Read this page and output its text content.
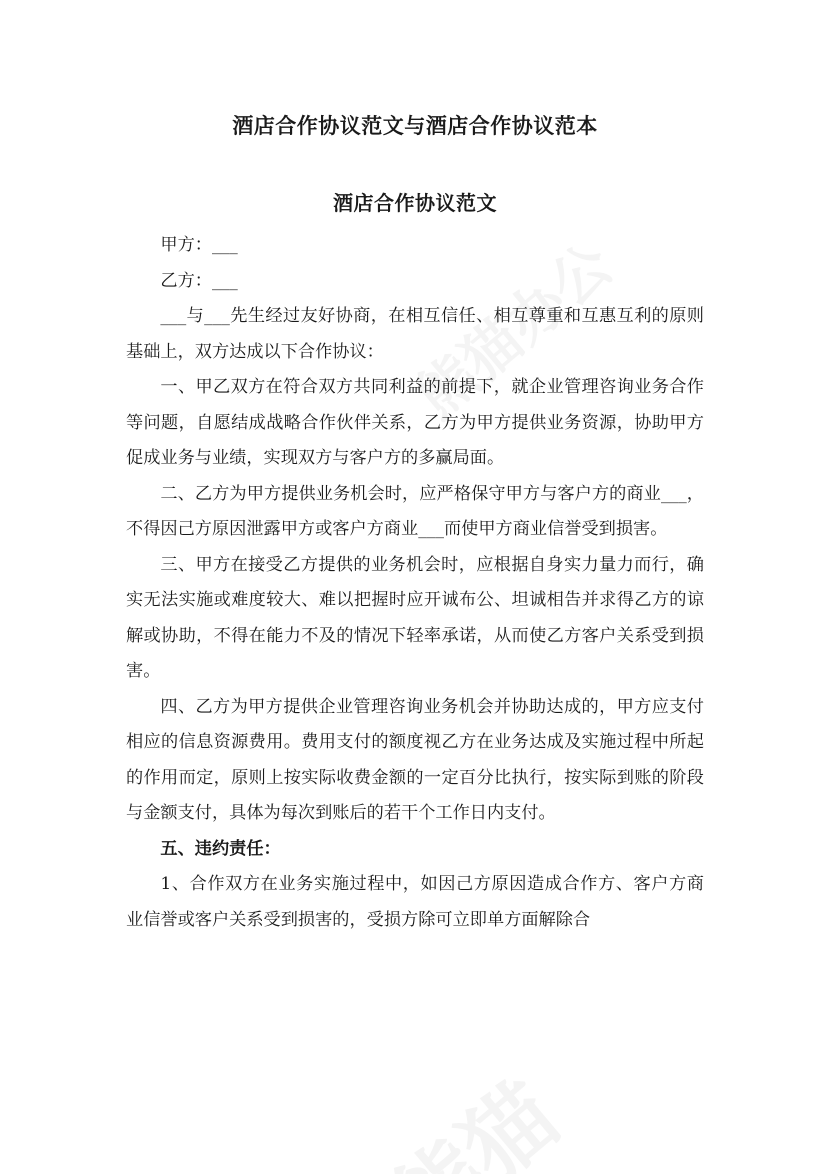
酒店合作协议范文与酒店合作协议范本
酒店合作协议范文

甲方：___

乙方：___

___与___先生经过友好协商，在相互信任、相互尊重和互惠互利的原则基础上，双方达成以下合作协议：

一、甲乙双方在符合双方共同利益的前提下，就企业管理咨询业务合作等问题，自愿结成战略合作伙伴关系，乙方为甲方提供业务资源，协助甲方促成业务与业绩，实现双方与客户方的多赢局面。

二、乙方为甲方提供业务机会时，应严格保守甲方与客户方的商业___，不得因己方原因泄露甲方或客户方商业___而使甲方商业信誉受到损害。

三、甲方在接受乙方提供的业务机会时，应根据自身实力量力而行，确实无法实施或难度较大、难以把握时应开诚布公、坦诚相告并求得乙方的谅解或协助，不得在能力不及的情况下轻率承诺，从而使乙方客户关系受到损害。

四、乙方为甲方提供企业管理咨询业务机会并协助达成的，甲方应支付相应的信息资源费用。费用支付的额度视乙方在业务达成及实施过程中所起的作用而定，原则上按实际收费金额的一定百分比执行，按实际到账的阶段与金额支付，具体为每次到账后的若干个工作日内支付。

五、违约责任：

1、合作双方在业务实施过程中，如因己方原因造成合作方、客户方商业信誉或客户关系受到损害的，受损方除可立即单方面解除合
